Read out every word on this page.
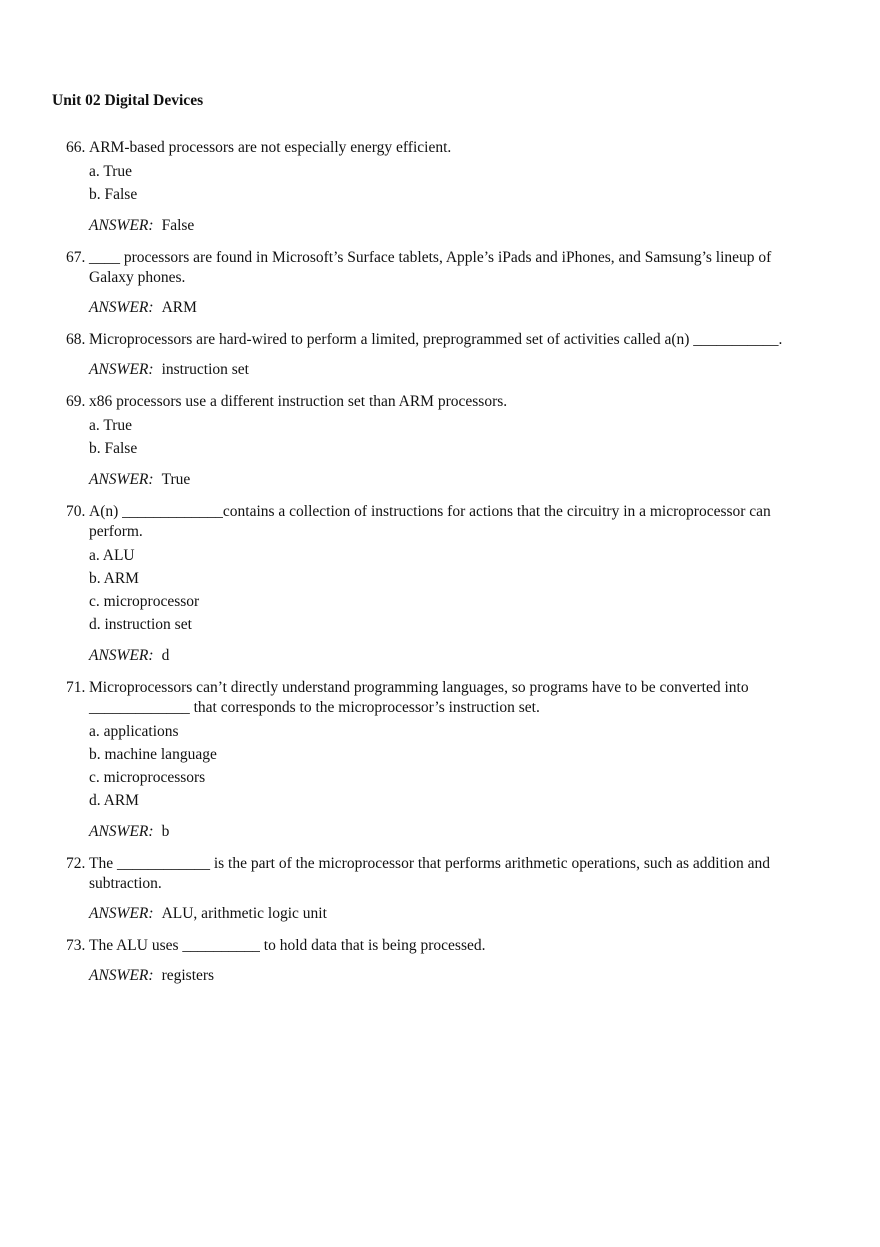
Unit 02 Digital Devices
66. ARM-based processors are not especially energy efficient.
a. True
b. False
ANSWER: False
67. ____ processors are found in Microsoft’s Surface tablets, Apple’s iPads and iPhones, and Samsung’s lineup of Galaxy phones.
ANSWER: ARM
68. Microprocessors are hard-wired to perform a limited, preprogrammed set of activities called a(n) ___________.
ANSWER: instruction set
69. x86 processors use a different instruction set than ARM processors.
a. True
b. False
ANSWER: True
70. A(n) _____________contains a collection of instructions for actions that the circuitry in a microprocessor can perform.
a. ALU
b. ARM
c. microprocessor
d. instruction set
ANSWER: d
71. Microprocessors can’t directly understand programming languages, so programs have to be converted into _____________ that corresponds to the microprocessor’s instruction set.
a. applications
b. machine language
c. microprocessors
d. ARM
ANSWER: b
72. The ____________ is the part of the microprocessor that performs arithmetic operations, such as addition and subtraction.
ANSWER: ALU, arithmetic logic unit
73. The ALU uses __________ to hold data that is being processed.
ANSWER: registers
